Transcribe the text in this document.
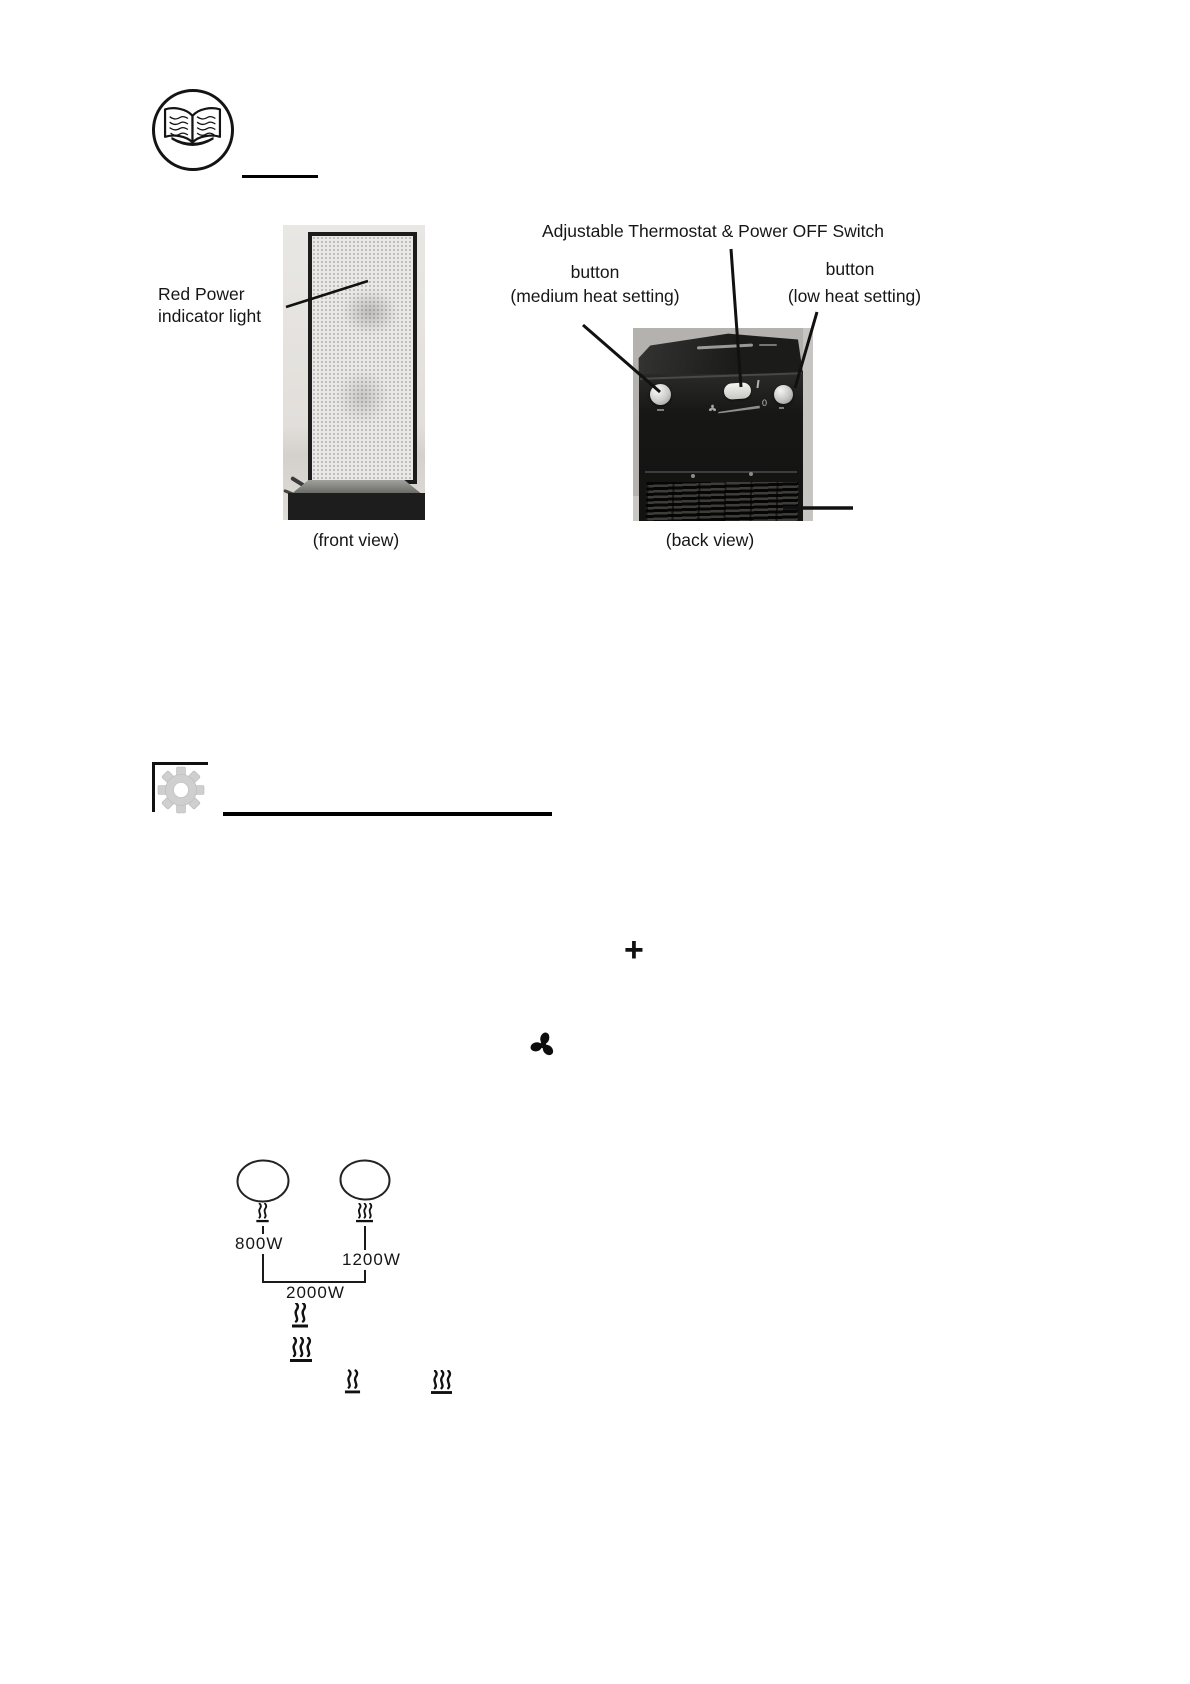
Red Power indicator light
(front view)
Adjustable Thermostat & Power OFF Switch
button
(medium heat setting)
button
(low heat setting)
0
(back view)
+
800W
1200W
2000W
